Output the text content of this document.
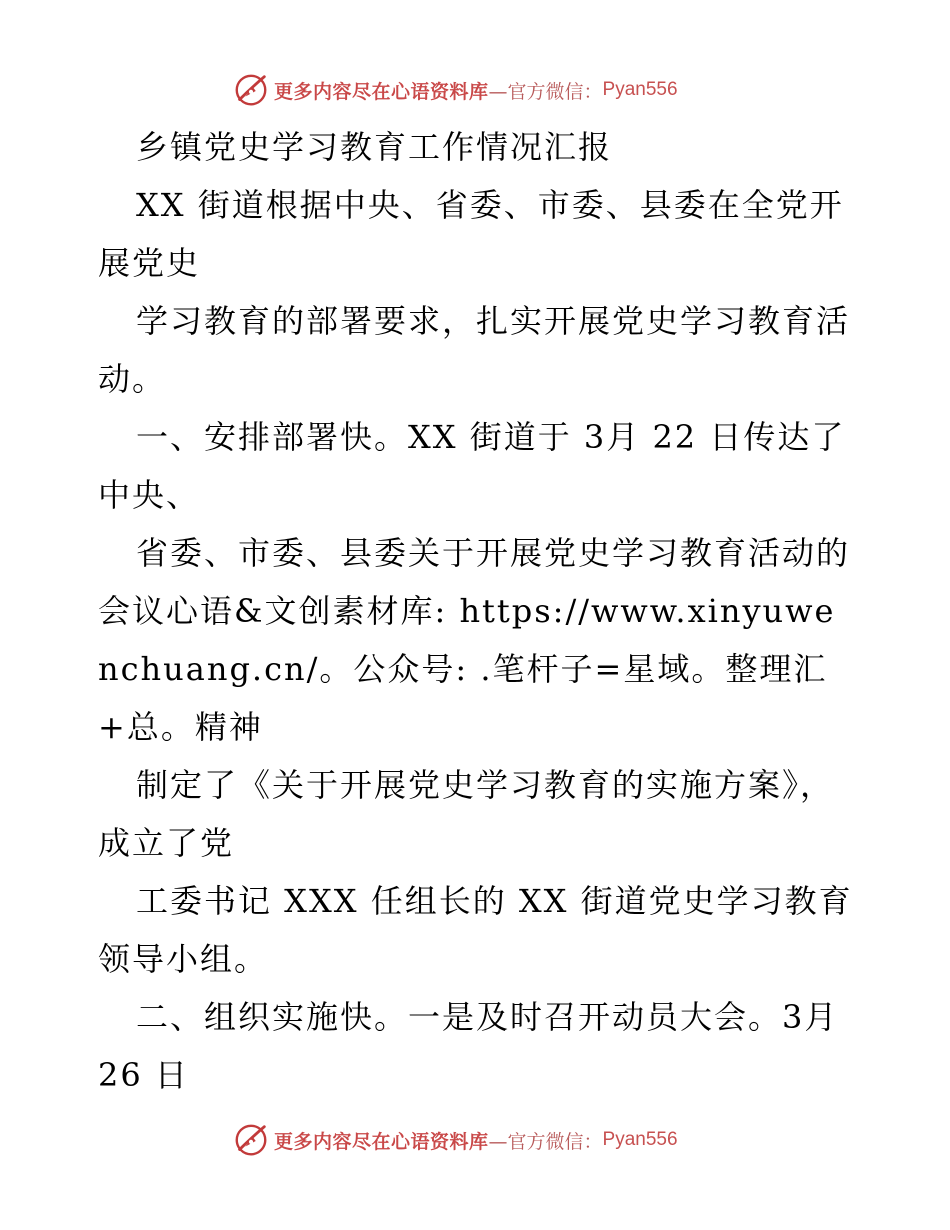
更多内容尽在心语资料库 —官方微信： Pyan556

乡镇党史学习教育工作情况汇报

XX 街道根据中央、省委、市委、县委在全党开展党史

学习教育的部署要求，扎实开展党史学习教育活动。

一、安排部署快。XX 街道于 3月 22 日传达了中央、

省委、市委、县委关于开展党史学习教育活动的会议心语&文创素材库: https://www.xinyuwenchuang.cn/。公众号: .笔杆子=星域。整理汇+总。精神

制定了《关于开展党史学习教育的实施方案》，成立了党

工委书记 XXX 任组长的 XX 街道党史学习教育领导小组。

二、组织实施快。一是及时召开动员大会。3月 26 日

更多内容尽在心语资料库 —官方微信： Pyan556
